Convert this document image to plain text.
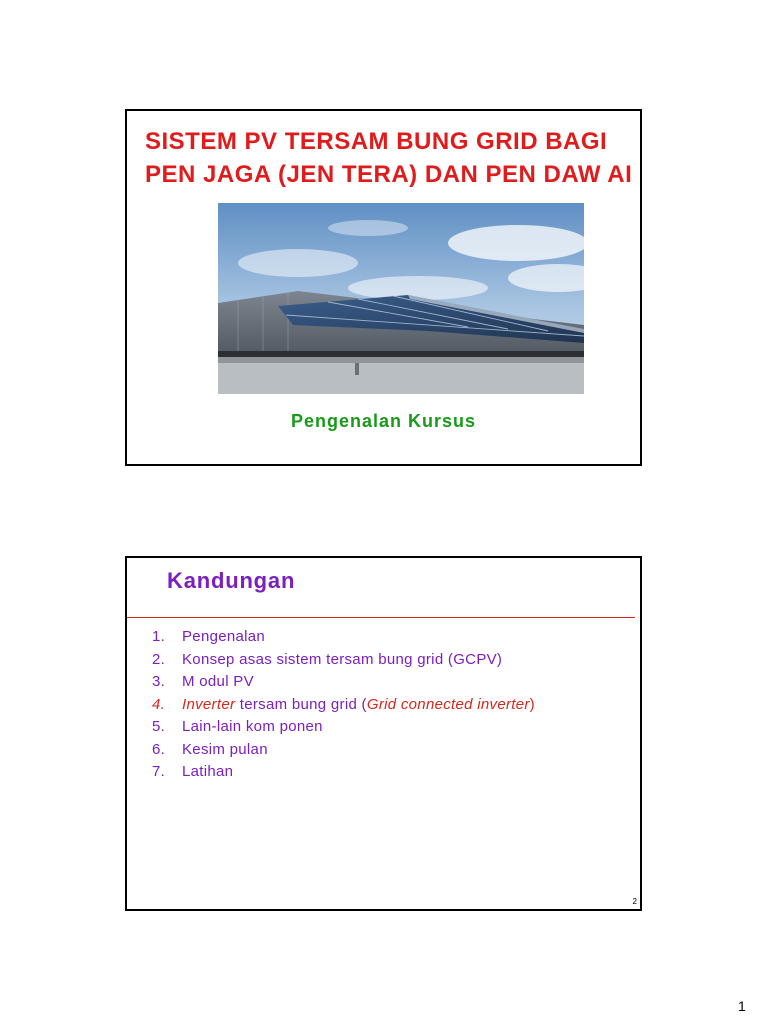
SISTEM PV TERSAM BUNG GRID BAGI
PEN JAGA (JEN TERA) DAN PEN DAW AI
Pengenalan Kursus
Kandungan
1. Pengenalan
2. Konsep asas sistem tersam bung grid (GCPV)
3. M odul PV
4. Inverter tersam bung grid (Grid connected inverter)
5. Lain-lain kom ponen
6. Kesim pulan
7. Latihan
2
1
